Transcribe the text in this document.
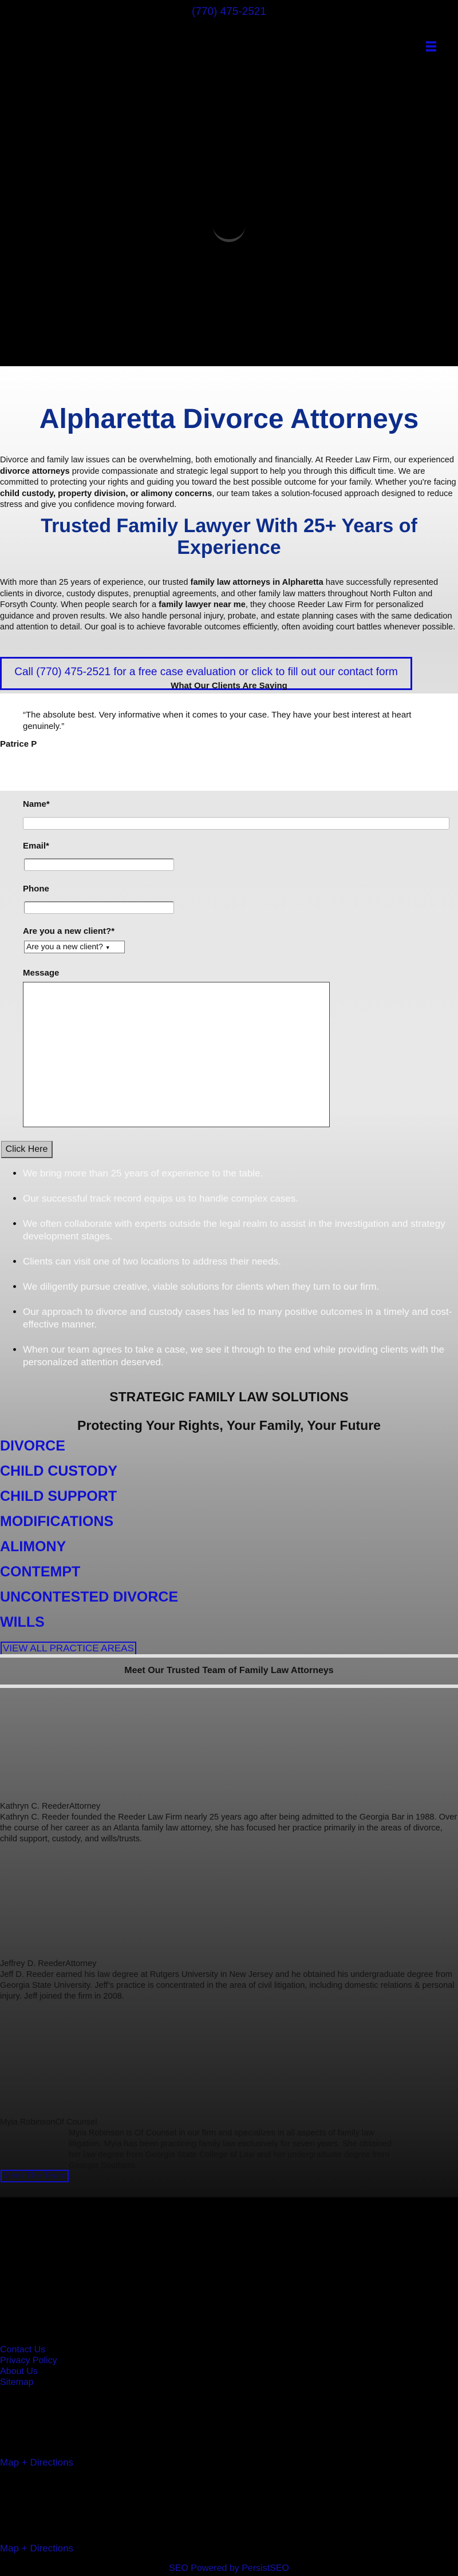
(770) 475-2521
Alpharetta Divorce Attorneys

Divorce and family law issues can be overwhelming, both emotionally and financially. At Reeder Law Firm, our experienced divorce attorneys provide compassionate and strategic legal support to help you through this difficult time. We are committed to protecting your rights and guiding you toward the best possible outcome for your family. Whether you're facing child custody, property division, or alimony concerns, our team takes a solution-focused approach designed to reduce stress and give you confidence moving forward.

Trusted Family Lawyer With 25+ Years of Experience

With more than 25 years of experience, our trusted family law attorneys in Alpharetta have successfully represented clients in divorce, custody disputes, prenuptial agreements, and other family law matters throughout North Fulton and Forsyth County. When people search for a family lawyer near me, they choose Reeder Law Firm for personalized guidance and proven results. We also handle personal injury, probate, and estate planning cases with the same dedication and attention to detail. Our goal is to achieve favorable outcomes efficiently, often avoiding court battles whenever possible.

Call (770) 475-2521 for a free case evaluation or click to fill out our contact form
What Our Clients Are Saying

“The absolute best. Very informative when it comes to your case. They have your best interest at heart genuinely.”

Patrice P
Name*
Email*
Phone
Are you a new client?*
Are you a new client? ▼
Message
Click Here
• We bring more than 25 years of experience to the table.
• Our successful track record equips us to handle complex cases.
• We often collaborate with experts outside the legal realm to assist in the investigation and strategy development stages.
• Clients can visit one of two locations to address their needs.
• We diligently pursue creative, viable solutions for clients when they turn to our firm.
• Our approach to divorce and custody cases has led to many positive outcomes in a timely and cost-effective manner.
• When our team agrees to take a case, we see it through to the end while providing clients with the personalized attention deserved.
STRATEGIC FAMILY LAW SOLUTIONS
Protecting Your Rights, Your Family, Your Future
DIVORCE
CHILD CUSTODY
CHILD SUPPORT
MODIFICATIONS
ALIMONY
CONTEMPT
UNCONTESTED DIVORCE
WILLS
VIEW ALL PRACTICE AREAS
Meet Our Trusted Team of Family Law Attorneys
Kathryn C. ReederAttorney
Kathryn C. Reeder founded the Reeder Law Firm nearly 25 years ago after being admitted to the Georgia Bar in 1988. Over the course of her career as an Atlanta family law attorney, she has focused her practice primarily in the areas of divorce, child support, custody, and wills/trusts.
Jeffrey D. ReederAttorney
Jeff D. Reeder earned his law degree at Rutgers University in New Jersey and he obtained his undergraduate degree from Georgia State University. Jeff’s practice is concentrated in the area of civil litigation, including domestic relations & personal injury. Jeff joined the firm in 2008.
Myia RobinsonOf Counsel
Myia Robinson is Of Counsel in our firm and specializes in all aspects of family law litigation. Myia has been practicing family law exclusively for seven years. She obtained her law degree from Georgia State College of Law and her undergraduate degree from Georgia Southern.
Meet The Team
Contact Us
Privacy Policy
About Us
Sitemap
Map + Directions
Map + Directions
SEO Powered by PersistSEO
